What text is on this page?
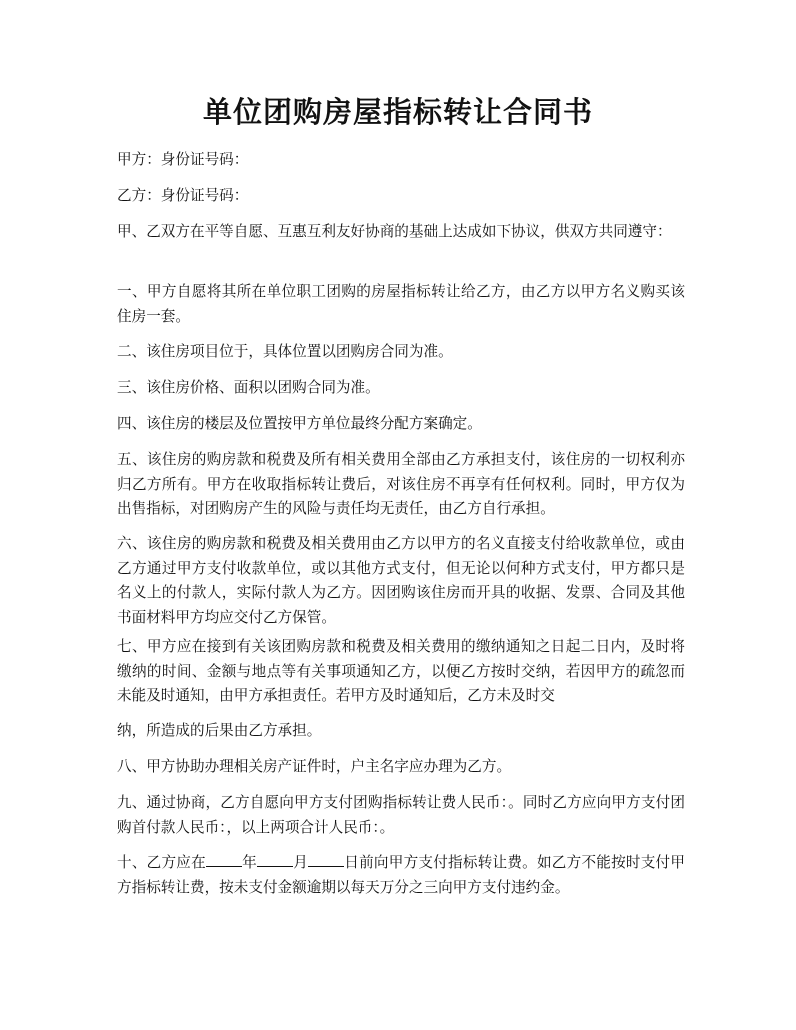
单位团购房屋指标转让合同书
甲方：身份证号码：
乙方：身份证号码：
甲、乙双方在平等自愿、互惠互利友好协商的基础上达成如下协议，供双方共同遵守：
一、甲方自愿将其所在单位职工团购的房屋指标转让给乙方，由乙方以甲方名义购买该住房一套。
二、该住房项目位于，具体位置以团购房合同为准。
三、该住房价格、面积以团购合同为准。
四、该住房的楼层及位置按甲方单位最终分配方案确定。
五、该住房的购房款和税费及所有相关费用全部由乙方承担支付，该住房的一切权利亦归乙方所有。甲方在收取指标转让费后，对该住房不再享有任何权利。同时，甲方仅为出售指标，对团购房产生的风险与责任均无责任，由乙方自行承担。
六、该住房的购房款和税费及相关费用由乙方以甲方的名义直接支付给收款单位，或由乙方通过甲方支付收款单位，或以其他方式支付，但无论以何种方式支付，甲方都只是名义上的付款人，实际付款人为乙方。因团购该住房而开具的收据、发票、合同及其他书面材料甲方均应交付乙方保管。
七、甲方应在接到有关该团购房款和税费及相关费用的缴纳通知之日起二日内，及时将缴纳的时间、金额与地点等有关事项通知乙方，以便乙方按时交纳，若因甲方的疏忽而未能及时通知，由甲方承担责任。若甲方及时通知后，乙方未及时交
纳，所造成的后果由乙方承担。
八、甲方协助办理相关房产证件时，户主名字应办理为乙方。
九、通过协商，乙方自愿向甲方支付团购指标转让费人民币：。同时乙方应向甲方支付团购首付款人民币：，以上两项合计人民币：。
十、乙方应在 年 月 日前向甲方支付指标转让费。如乙方不能按时支付甲方指标转让费，按未支付金额逾期以每天万分之三向甲方支付违约金。
